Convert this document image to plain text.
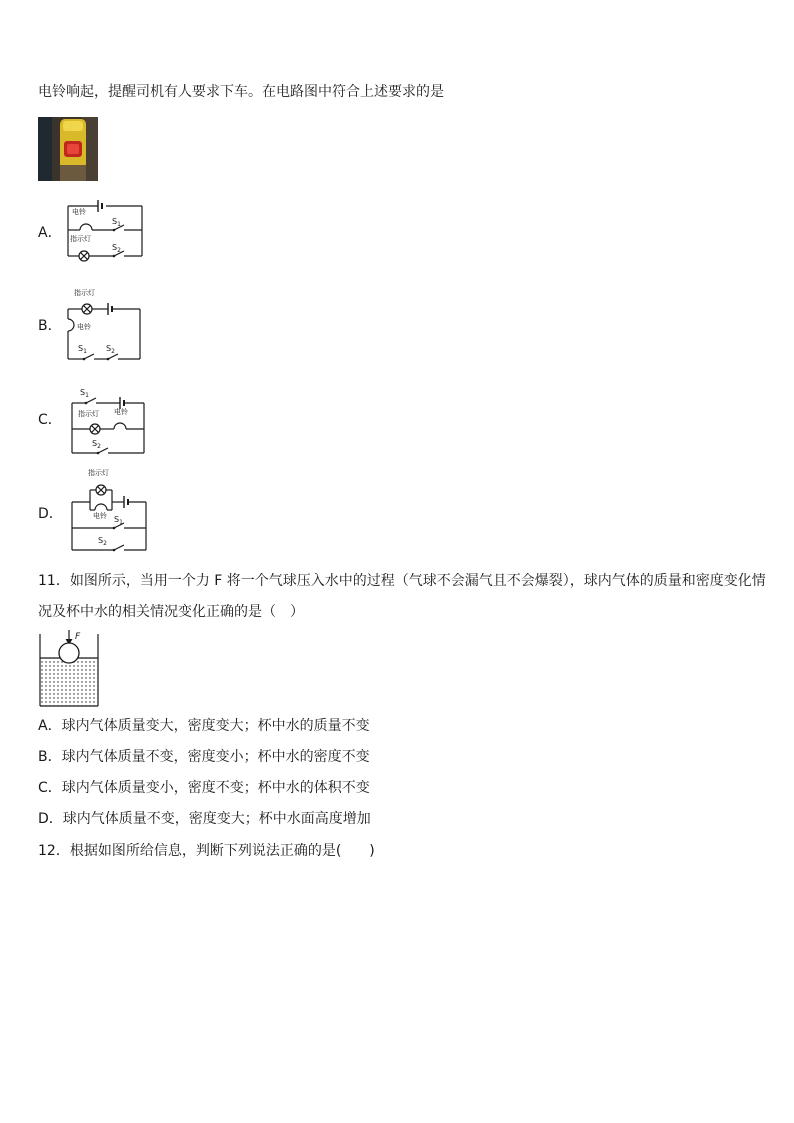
电铃响起，提醒司机有人要求下车。在电路图中符合上述要求的是
A．
电铃
指示灯
$S_1$
$S_2$
B．
指示灯
电铃
$S_1$ $S_2$
C．
$S_1$
指示灯 电铃
$S_2$
D．
指示灯
电铃 $S_1$
$S_2$
11．如图所示，当用一个力 F 将一个气球压入水中的过程（气球不会漏气且不会爆裂），球内气体的质量和密度变化情
况及杯中水的相关情况变化正确的是（　）
F
A．球内气体质量变大，密度变大；杯中水的质量不变
B．球内气体质量不变，密度变小；杯中水的密度不变
C．球内气体质量变小，密度不变；杯中水的体积不变
D．球内气体质量不变，密度变大；杯中水面高度增加
12．根据如图所给信息，判断下列说法正确的是(　　)
